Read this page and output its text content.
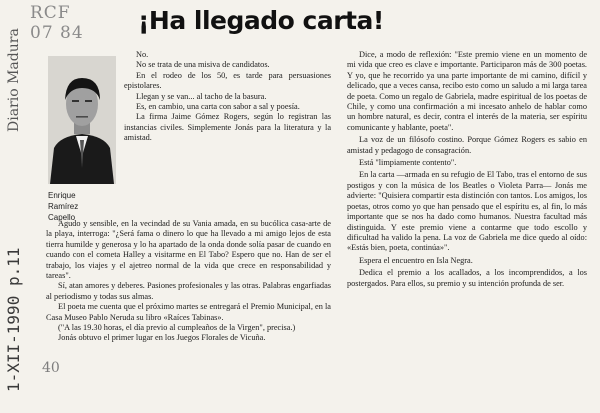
RCF
07 84
Diario Madura
1-XII-1990 p.11 40
¡Ha llegado carta!
Enrique Ramírez Capello

No.

No se trata de una misiva de candidatos.

En el rodeo de los 50, es tarde para persuasiones epistolares.

Llegan y se van... al tacho de la basura.

Es, en cambio, una carta con sabor a sal y poesía.

La firma Jaime Gómez Rogers, según lo registran las instancias civiles. Simplemente Jonás para la literatura y la amistad.

Agudo y sensible, en la vecindad de su Vania amada, en su bucólica casa-arte de la playa, interroga: "¿Será fama o dinero lo que ha llevado a mi amigo lejos de esta tierra humilde y generosa y lo ha apartado de la onda donde solía pasar de cuando en cuando con el cometa Halley a visitarme en El Tabo? Espero que no. Han de ser el trabajo, los viajes y el ajetreo normal de la vida que crece en responsabilidad y tareas".

Sí, atan amores y deberes. Pasiones profesionales y las otras. Palabras engarfiadas al periodismo y todas sus almas.

El poeta me cuenta que el próximo martes se entregará el Premio Municipal, en la Casa Museo Pablo Neruda su libro «Raíces Tabinas».

("A las 19.30 horas, el día previo al cumpleaños de la Virgen", precisa.)

Jonás obtuvo el primer lugar en los Juegos Florales de Vicuña.

Dice, a modo de reflexión: "Este premio viene en un momento de mi vida que creo es clave e importante. Participaron más de 300 poetas. Y yo, que he recorrido ya una parte importante de mi camino, difícil y delicado, que a veces cansa, recibo esto como un saludo a mi larga tarea de poeta. Como un regalo de Gabriela, madre espiritual de los poetas de Chile, y como una confirmación a mi incesato anhelo de hablar como un hombre natural, es decir, contra el interés de la materia, ser espíritu comunicante y hablante, poeta".

La voz de un filósofo costino. Porque Gómez Rogers es sabio en amistad y pedagogo de consagración.

Está "limpiamente contento".

En la carta —armada en su refugio de El Tabo, tras el entorno de sus postigos y con la música de los Beatles o Violeta Parra— Jonás me advierte: "Quisiera compartir esta distinción con tantos. Los amigos, los poetas, otros como yo que han pensado que el espíritu es, al fin, lo más importante que se nos ha dado como humanos. Nuestra facultad más distinguida. Y este premio viene a contarme que todo escollo y dificultad ha valido la pena. La voz de Gabriela me dice quedo al oído: «Estás bien, poeta, continúa»".

Espera el encuentro en Isla Negra.

Dedica el premio a los acallados, a los incomprendidos, a los postergados. Para ellos, su premio y su intención profunda de ser.
